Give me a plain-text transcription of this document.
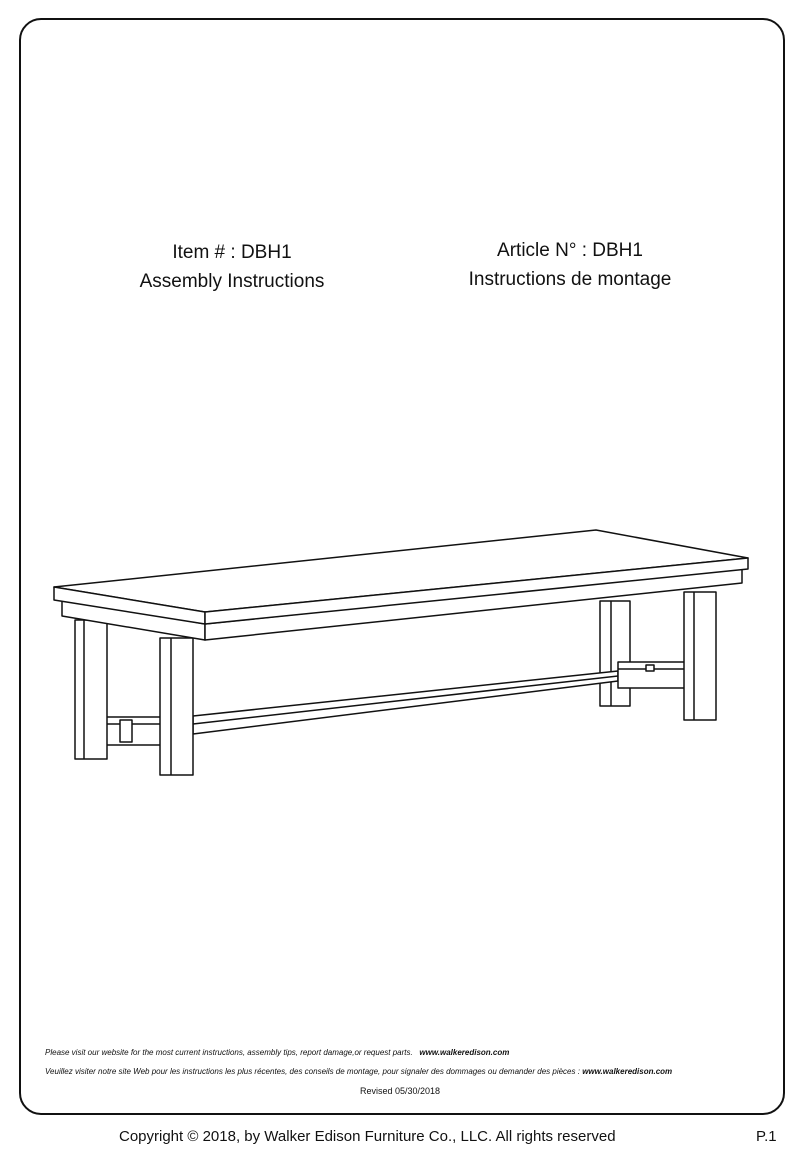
Item # : DBH1
Assembly Instructions
Article N° : DBH1
Instructions de montage
Please visit our website for the most current instructions, assembly tips, report damage,or request parts. www.walkeredison.com
Veuillez visiter notre site Web pour les instructions les plus récentes, des conseils de montage, pour signaler des dommages ou demander des pièces : www.walkeredison.com
Revised 05/30/2018
Copyright © 2018, by Walker Edison Furniture Co., LLC. All rights reserved	P.1
